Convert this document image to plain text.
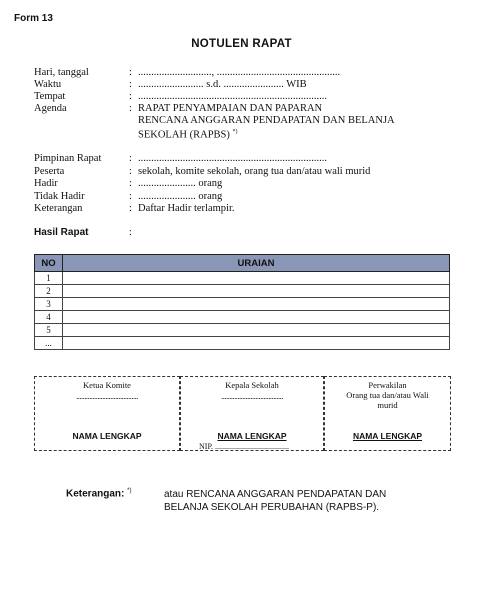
Form 13
NOTULEN RAPAT
Hari, tanggal	: ............................, ...............................................
Waktu	: ......................... s.d. ....................... WIB
Tempat	: ........................................................................
Agenda	: RAPAT PENYAMPAIAN DAN PAPARAN
RENCANA ANGGARAN PENDAPATAN DAN BELANJA
SEKOLAH (RAPBS) *)
Pimpinan Rapat	: ........................................................................
Peserta	: sekolah, komite sekolah, orang tua dan/atau wali murid
Hadir	: ...................... orang
Tidak Hadir	: ...................... orang
Keterangan	: Daftar Hadir terlampir.
Hasil Rapat	:
NO	URAIAN
1	
2	
3	
4	
5	
...	
Ketua Komite
......................................
NAMA LENGKAP
Kepala Sekolah
......................................
NAMA LENGKAP
NIP. .....................................
Perwakilan
Orang tua dan/atau Wali
murid
NAMA LENGKAP
Keterangan: *)	atau RENCANA ANGGARAN PENDAPATAN DAN
BELANJA SEKOLAH PERUBAHAN (RAPBS-P).
